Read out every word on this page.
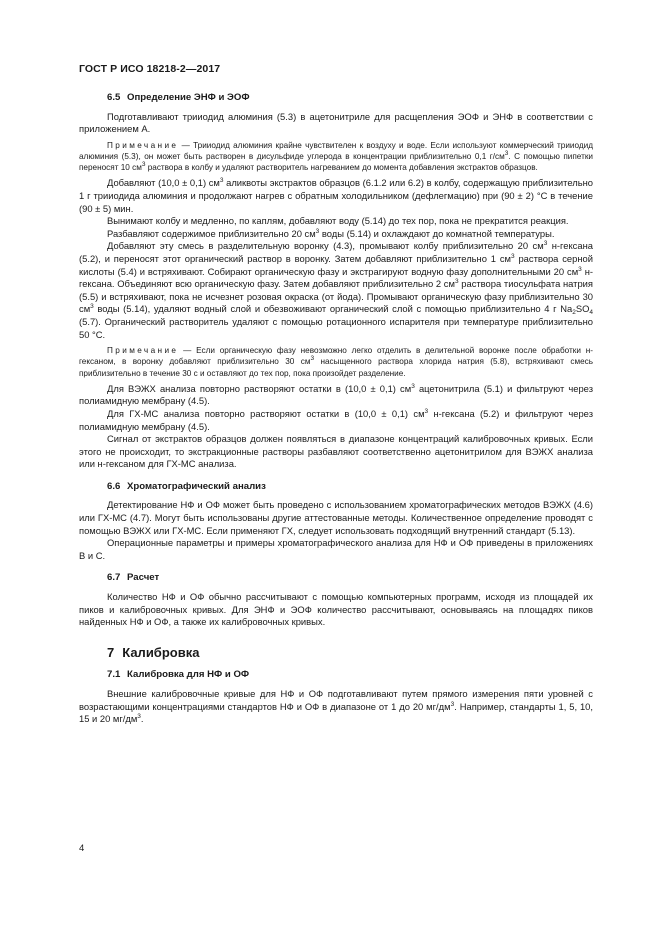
ГОСТ Р ИСО 18218-2—2017
6.5 Определение ЭНФ и ЭОФ

Подготавливают трииодид алюминия (5.3) в ацетонитриле для расщепления ЭОФ и ЭНФ в соответствии с приложением А.

Примечание — Трииодид алюминия крайне чувствителен к воздуху и воде. Если используют коммерческий трииодид алюминия (5.3), он может быть растворен в дисульфиде углерода в концентрации приблизительно 0,1 $г/см^3$. С помощью пипетки переносят 10 $см^3$ раствора в колбу и удаляют растворитель нагреванием до момента добавления экстрактов образцов.

Добавляют (10,0 ± 0,1) $см^3$ аликвоты экстрактов образцов (6.1.2 или 6.2) в колбу, содержащую приблизительно 1 г трииодида алюминия и продолжают нагрев с обратным холодильником (дефлегмацию) при (90 ± 2) °С в течение (90 ± 5) мин.

Вынимают колбу и медленно, по каплям, добавляют воду (5.14) до тех пор, пока не прекратится реакция.

Разбавляют содержимое приблизительно 20 $см^3$ воды (5.14) и охлаждают до комнатной температуры.

Добавляют эту смесь в разделительную воронку (4.3), промывают колбу приблизительно 20 $см^3$ н-гексана (5.2), и переносят этот органический раствор в воронку. Затем добавляют приблизительно 1 $см^3$ раствора серной кислоты (5.4) и встряхивают. Собирают органическую фазу и экстрагируют водную фазу дополнительными 20 $см^3$ н-гексана. Объединяют всю органическую фазу. Затем добавляют приблизительно 2 $см^3$ раствора тиосульфата натрия (5.5) и встряхивают, пока не исчезнет розовая окраска (от йода). Промывают органическую фазу приблизительно 30 $см^3$ воды (5.14), удаляют водный слой и обезвоживают органический слой с помощью приблизительно 4 г $Na_2SO_4$ (5.7). Органический растворитель удаляют с помощью ротационного испарителя при температуре приблизительно 50 °С.

Примечание — Если органическую фазу невозможно легко отделить в делительной воронке после обработки н-гексаном, в воронку добавляют приблизительно 30 $см^3$ насыщенного раствора хлорида натрия (5.8), встряхивают смесь приблизительно в течение 30 с и оставляют до тех пор, пока произойдет разделение.

Для ВЭЖХ анализа повторно растворяют остатки в (10,0 ± 0,1) $см^3$ ацетонитрила (5.1) и фильтруют через полиамидную мембрану (4.5).

Для ГХ-МС анализа повторно растворяют остатки в (10,0 ± 0,1) $см^3$ н-гексана (5.2) и фильтруют через полиамидную мембрану (4.5).

Сигнал от экстрактов образцов должен появляться в диапазоне концентраций калибровочных кривых. Если этого не происходит, то экстракционные растворы разбавляют соответственно ацетонитрилом для ВЭЖХ анализа или н-гексаном для ГХ-МС анализа.

6.6 Хроматографический анализ

Детектирование НФ и ОФ может быть проведено с использованием хроматографических методов ВЭЖХ (4.6) или ГХ-МС (4.7). Могут быть использованы другие аттестованные методы. Количественное определение проводят с помощью ВЭЖХ или ГХ-МС. Если применяют ГХ, следует использовать подходящий внутренний стандарт (5.13).

Операционные параметры и примеры хроматографического анализа для НФ и ОФ приведены в приложениях В и С.

6.7 Расчет

Количество НФ и ОФ обычно рассчитывают с помощью компьютерных программ, исходя из площадей их пиков и калибровочных кривых. Для ЭНФ и ЭОФ количество рассчитывают, основываясь на площадях пиков найденных НФ и ОФ, а также их калибровочных кривых.

7 Калибровка
7.1 Калибровка для НФ и ОФ

Внешние калибровочные кривые для НФ и ОФ подготавливают путем прямого измерения пяти уровней с возрастающими концентрациями стандартов НФ и ОФ в диапазоне от 1 до 20 $мг/дм^3$. Например, стандарты 1, 5, 10, 15 и 20 $мг/дм^3$.

4
